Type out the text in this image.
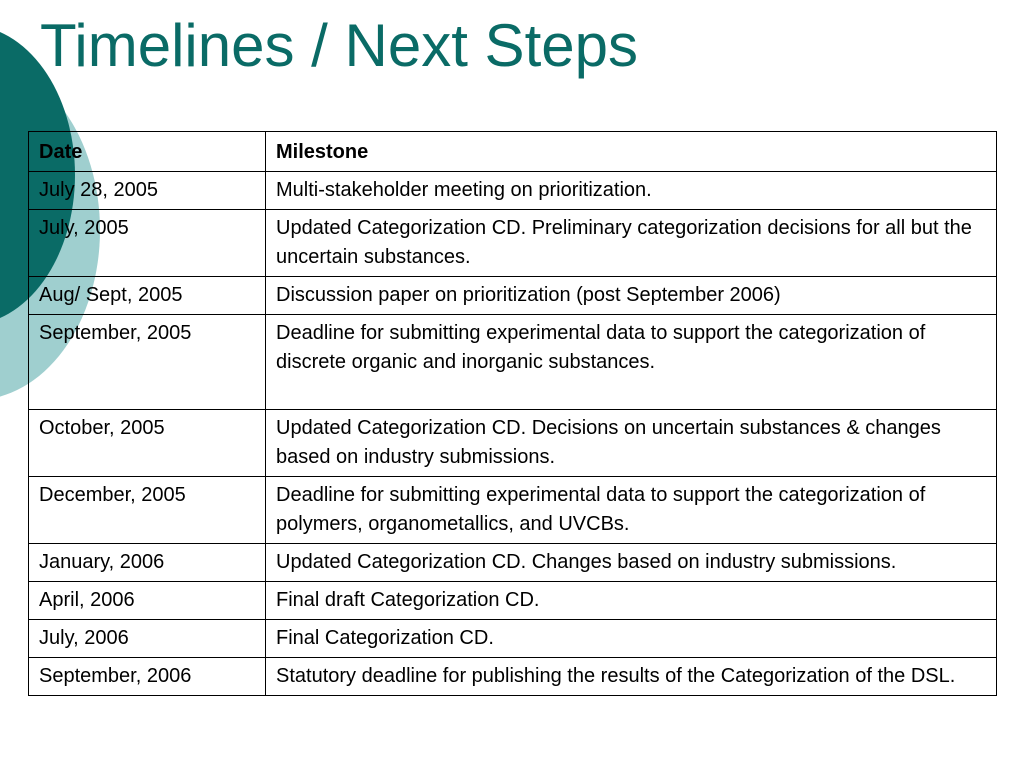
Timelines / Next Steps
Date	Milestone
July 28, 2005	Multi-stakeholder meeting on prioritization.
July, 2005	Updated Categorization CD. Preliminary categorization decisions for all but the uncertain substances.
Aug/ Sept, 2005	Discussion paper on prioritization (post September 2006)
September, 2005	Deadline for submitting experimental data to support the categorization of discrete organic and inorganic substances.
October, 2005	Updated Categorization CD. Decisions on uncertain substances & changes based on industry submissions.
December, 2005	Deadline for submitting experimental data to support the categorization of polymers, organometallics, and UVCBs.
January, 2006	Updated Categorization CD. Changes based on industry submissions.
April, 2006	Final draft Categorization CD.
July, 2006	Final Categorization CD.
September, 2006	Statutory deadline for publishing the results of the Categorization of the DSL.
